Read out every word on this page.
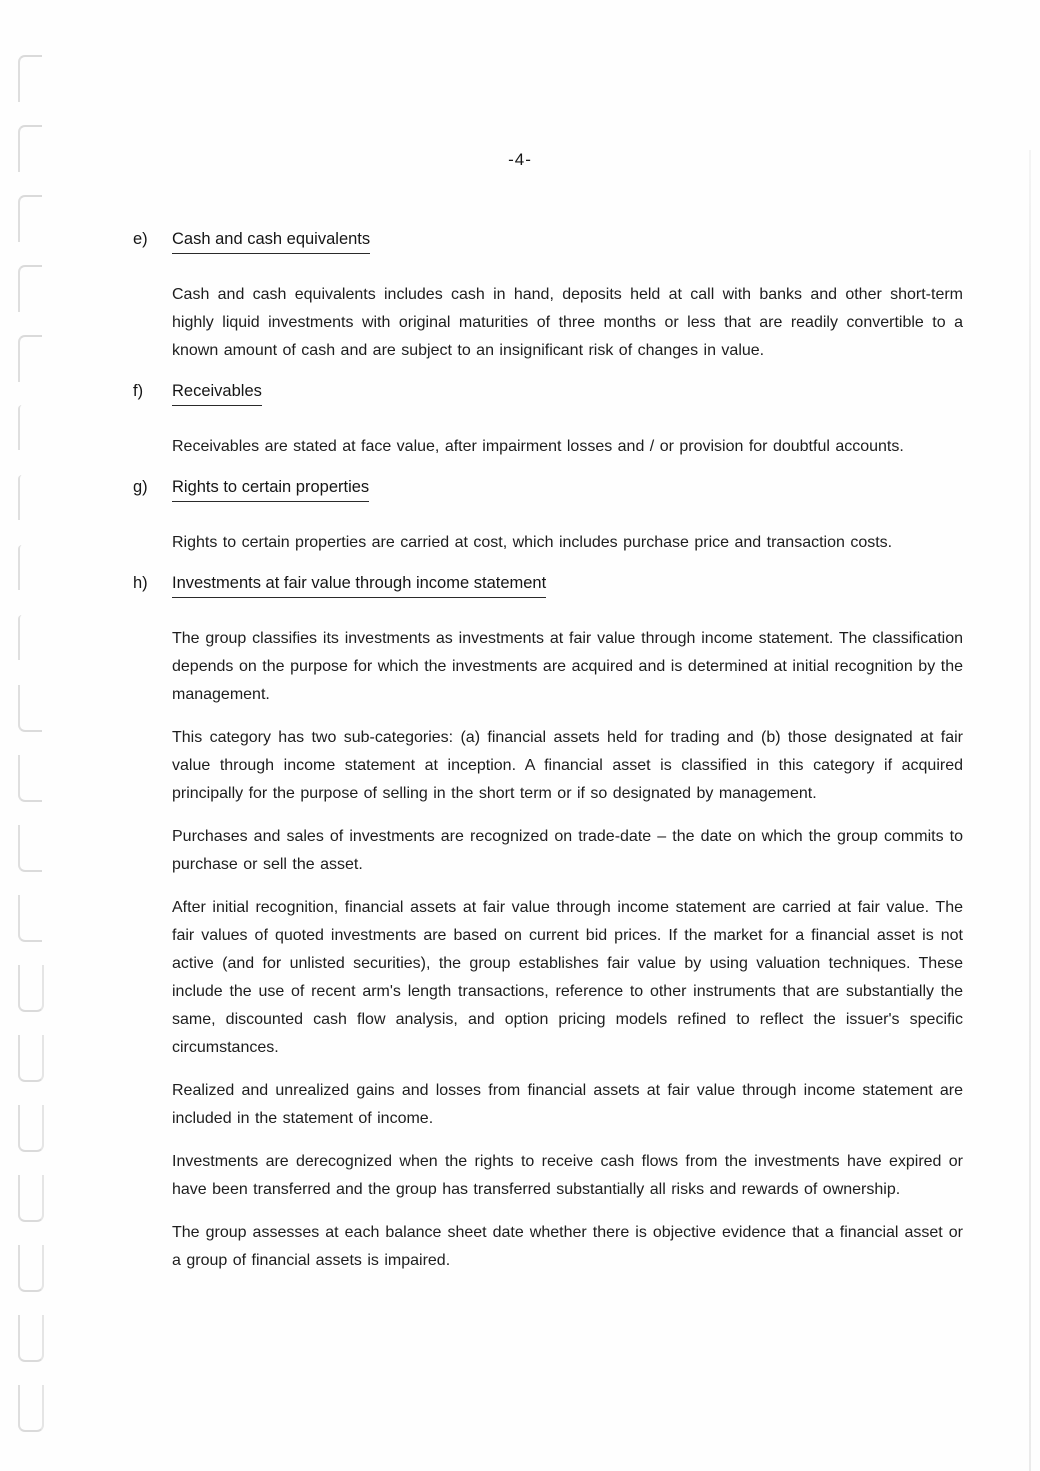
-4-
e)	Cash and cash equivalents

Cash and cash equivalents includes cash in hand, deposits held at call with banks and other short-term highly liquid investments with original maturities of three months or less that are readily convertible to a known amount of cash and are subject to an insignificant risk of changes in value.

f)	Receivables

Receivables are stated at face value, after impairment losses and / or provision for doubtful accounts.

g)	Rights to certain properties

Rights to certain properties are carried at cost, which includes purchase price and transaction costs.

h)	Investments at fair value through income statement

The group classifies its investments as investments at fair value through income statement. The classification depends on the purpose for which the investments are acquired and is determined at initial recognition by the management.

This category has two sub-categories: (a) financial assets held for trading and (b) those designated at fair value through income statement at inception. A financial asset is classified in this category if acquired principally for the purpose of selling in the short term or if so designated by management.

Purchases and sales of investments are recognized on trade-date – the date on which the group commits to purchase or sell the asset.

After initial recognition, financial assets at fair value through income statement are carried at fair value. The fair values of quoted investments are based on current bid prices. If the market for a financial asset is not active (and for unlisted securities), the group establishes fair value by using valuation techniques. These include the use of recent arm's length transactions, reference to other instruments that are substantially the same, discounted cash flow analysis, and option pricing models refined to reflect the issuer's specific circumstances.

Realized and unrealized gains and losses from financial assets at fair value through income statement are included in the statement of income.

Investments are derecognized when the rights to receive cash flows from the investments have expired or have been transferred and the group has transferred substantially all risks and rewards of ownership.

The group assesses at each balance sheet date whether there is objective evidence that a financial asset or a group of financial assets is impaired.
